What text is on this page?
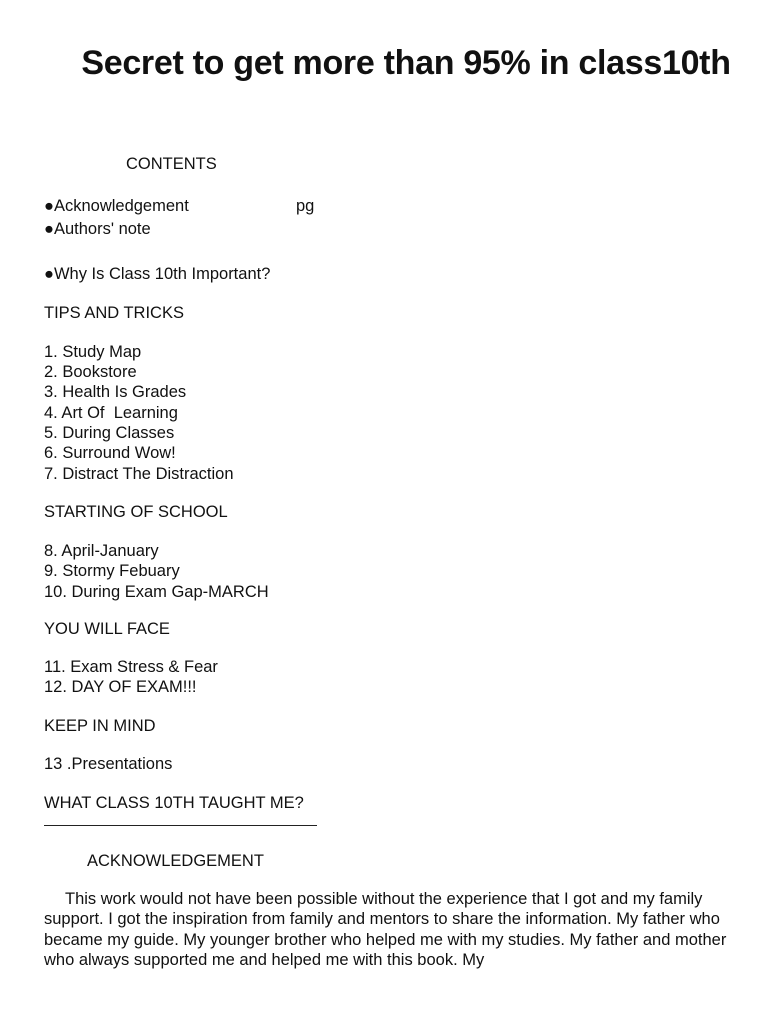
Secret to get more than 95% in class10th
CONTENTS
●Acknowledgement	pg
●Authors' note
●Why Is Class 10th Important?
TIPS AND TRICKS
1. Study Map
2. Bookstore
3. Health Is Grades
4. Art Of  Learning
5. During Classes
6. Surround Wow!
7. Distract The Distraction
STARTING OF SCHOOL
8. April-January
9. Stormy Febuary
10. During Exam Gap-MARCH
YOU WILL FACE
11. Exam Stress & Fear
12. DAY OF EXAM!!!
KEEP IN MIND
13 .Presentations
WHAT CLASS 10TH TAUGHT ME?
ACKNOWLEDGEMENT

This work would not have been possible without the experience that I got and my family support. I got the inspiration from family and mentors to share the information. My father who became my guide. My younger brother who helped me with my studies. My father and mother who always supported me and helped me with this book. My
